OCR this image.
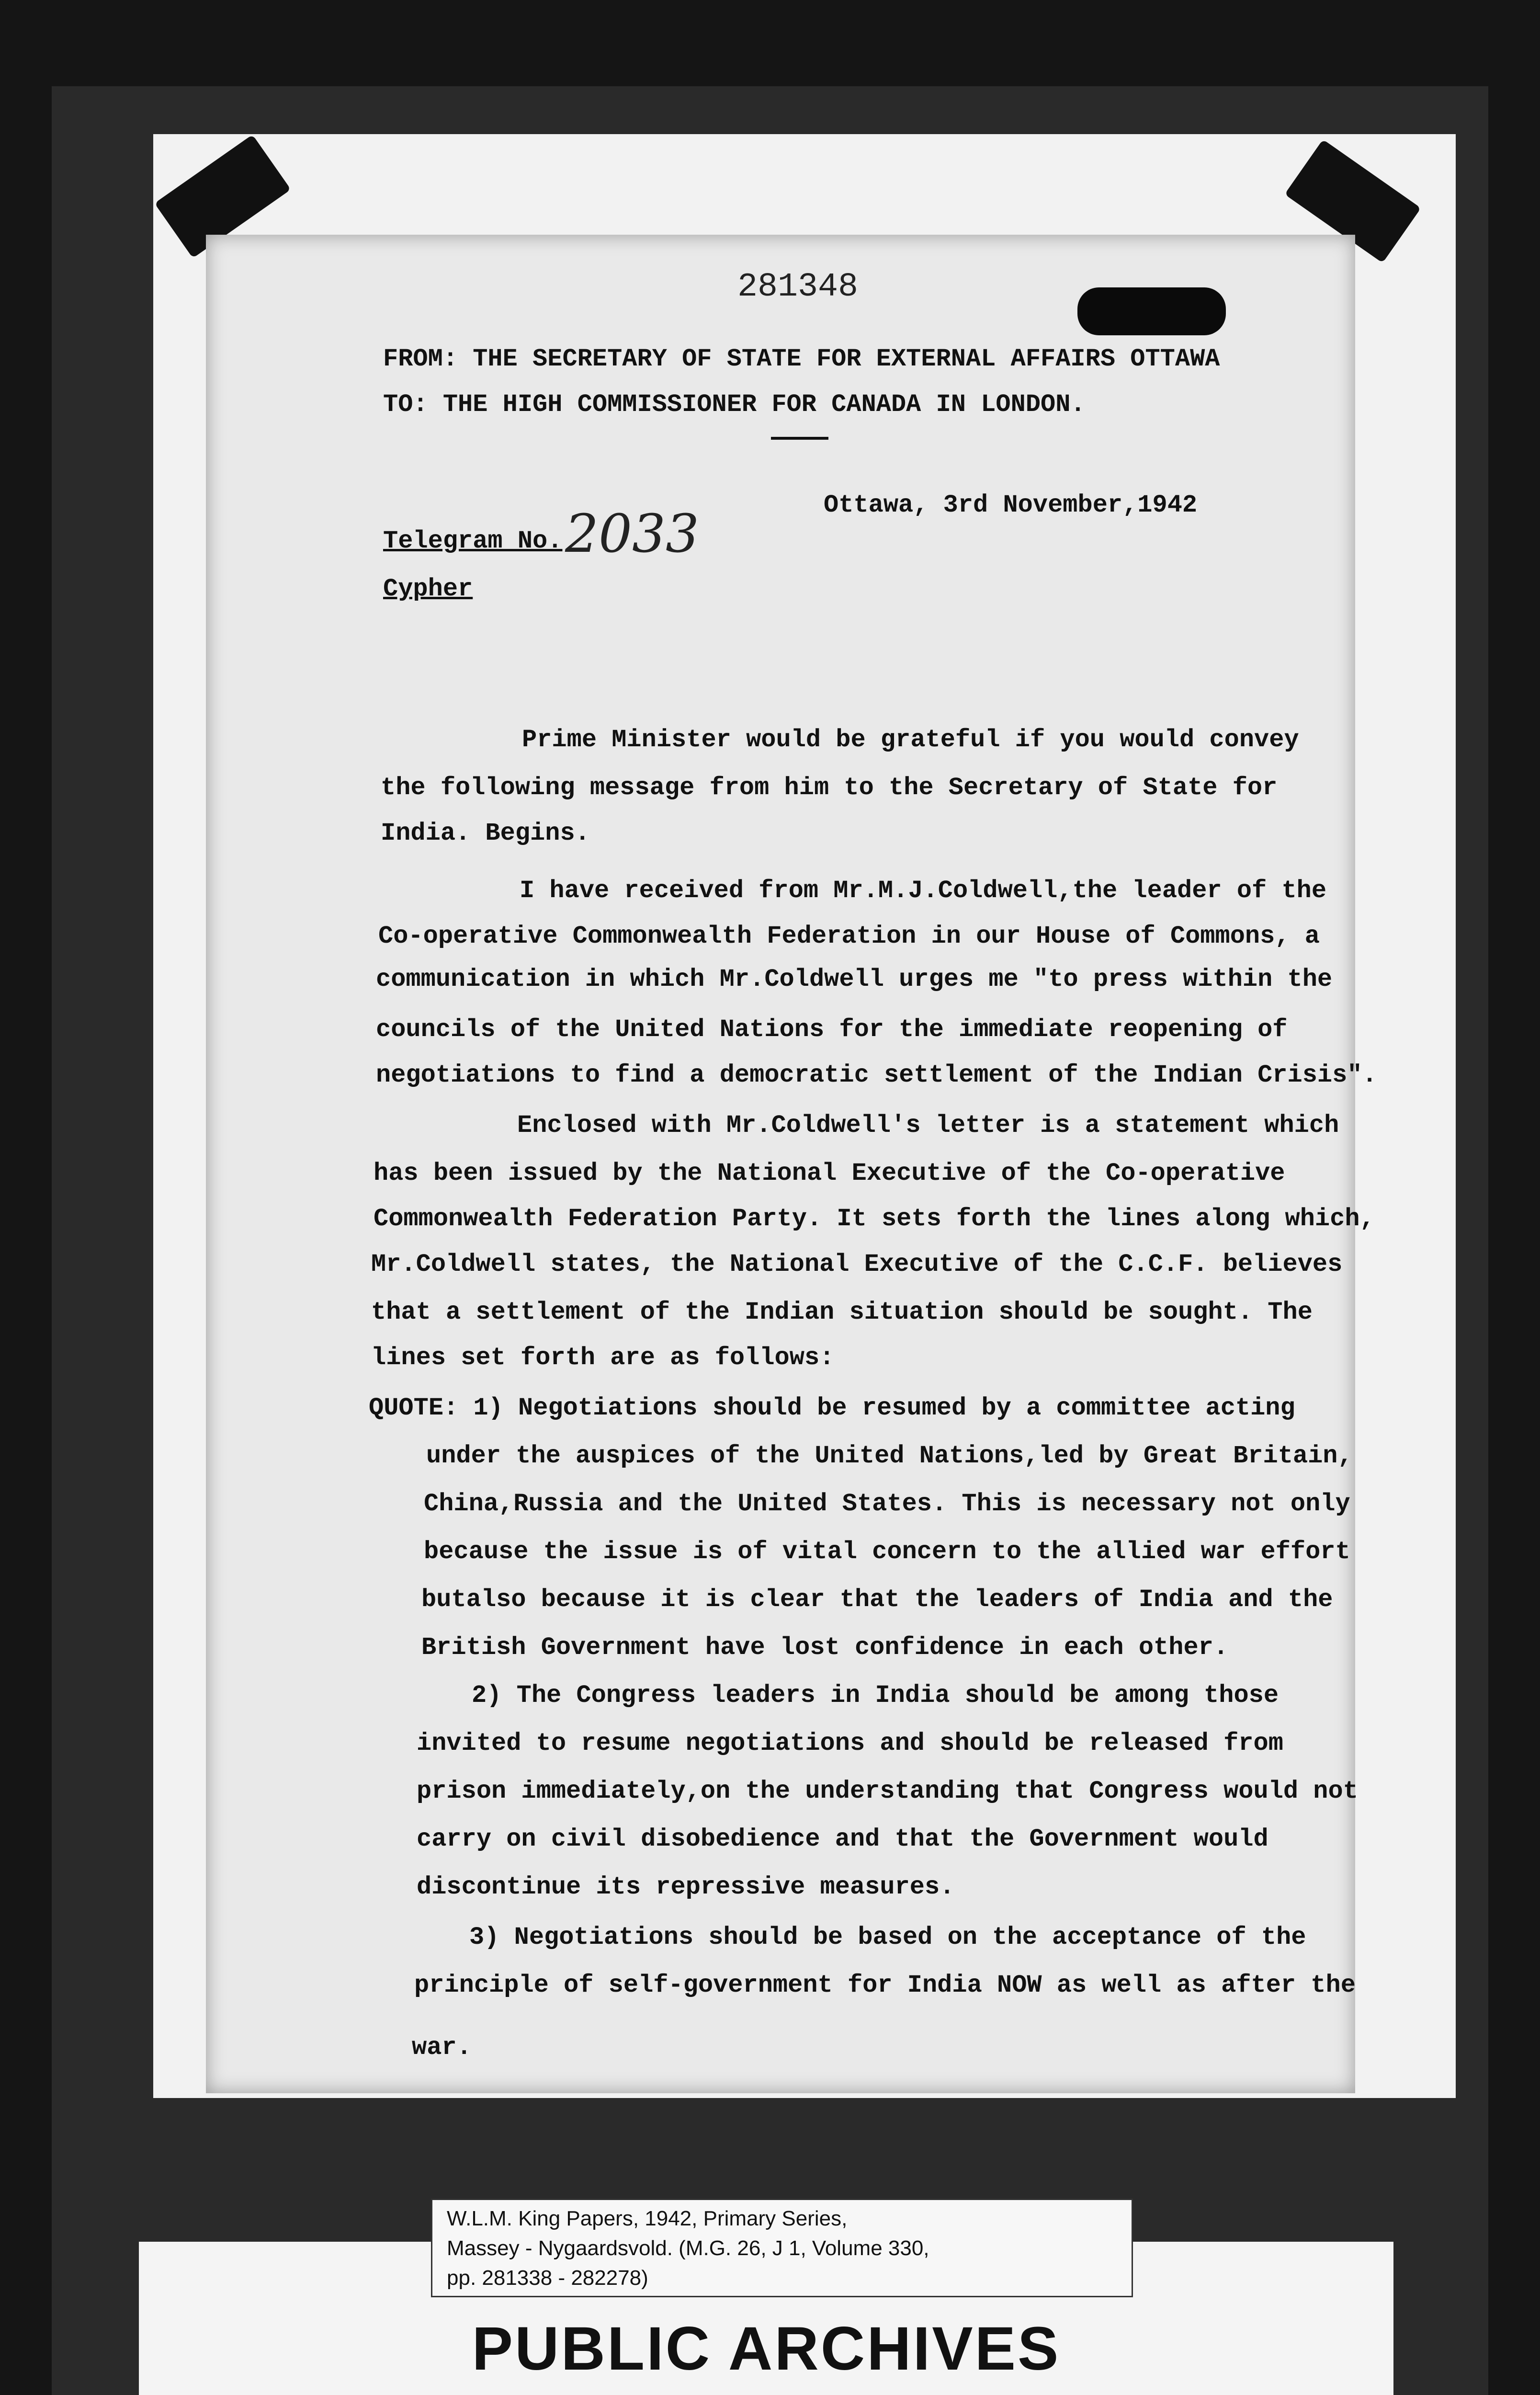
281348
FROM: THE SECRETARY OF STATE FOR EXTERNAL AFFAIRS OTTAWA
TO: THE HIGH COMMISSIONER FOR CANADA IN LONDON.
Ottawa, 3rd November,1942
Telegram No. 2033
Cypher
Prime Minister would be grateful if you would convey
the following message from him to the Secretary of State for
India. Begins.
I have received from Mr.M.J.Coldwell,the leader of the
Co-operative Commonwealth Federation in our House of Commons, a
communication in which Mr.Coldwell urges me "to press within the
councils of the United Nations for the immediate reopening of
negotiations to find a democratic settlement of the Indian Crisis".
Enclosed with Mr.Coldwell's letter is a statement which
has been issued by the National Executive of the Co-operative
Commonwealth Federation Party. It sets forth the lines along which,
Mr.Coldwell states, the National Executive of the C.C.F. believes
that a settlement of the Indian situation should be sought. The
lines set forth are as follows:
QUOTE: 1) Negotiations should be resumed by a committee acting
under the auspices of the United Nations,led by Great Britain,
China,Russia and the United States. This is necessary not only
because the issue is of vital concern to the allied war effort
butalso because it is clear that the leaders of India and the
British Government have lost confidence in each other.
2) The Congress leaders in India should be among those
invited to resume negotiations and should be released from
prison immediately,on the understanding that Congress would not
carry on civil disobedience and that the Government would
discontinue its repressive measures.
3) Negotiations should be based on the acceptance of the
principle of self-government for India NOW as well as after the
war.
PUBLIC ARCHIVES
W.L.M. King Papers, 1942, Primary Series,
Massey - Nygaardsvold. (M.G. 26, J 1, Volume 330,
pp. 281338 - 282278)
